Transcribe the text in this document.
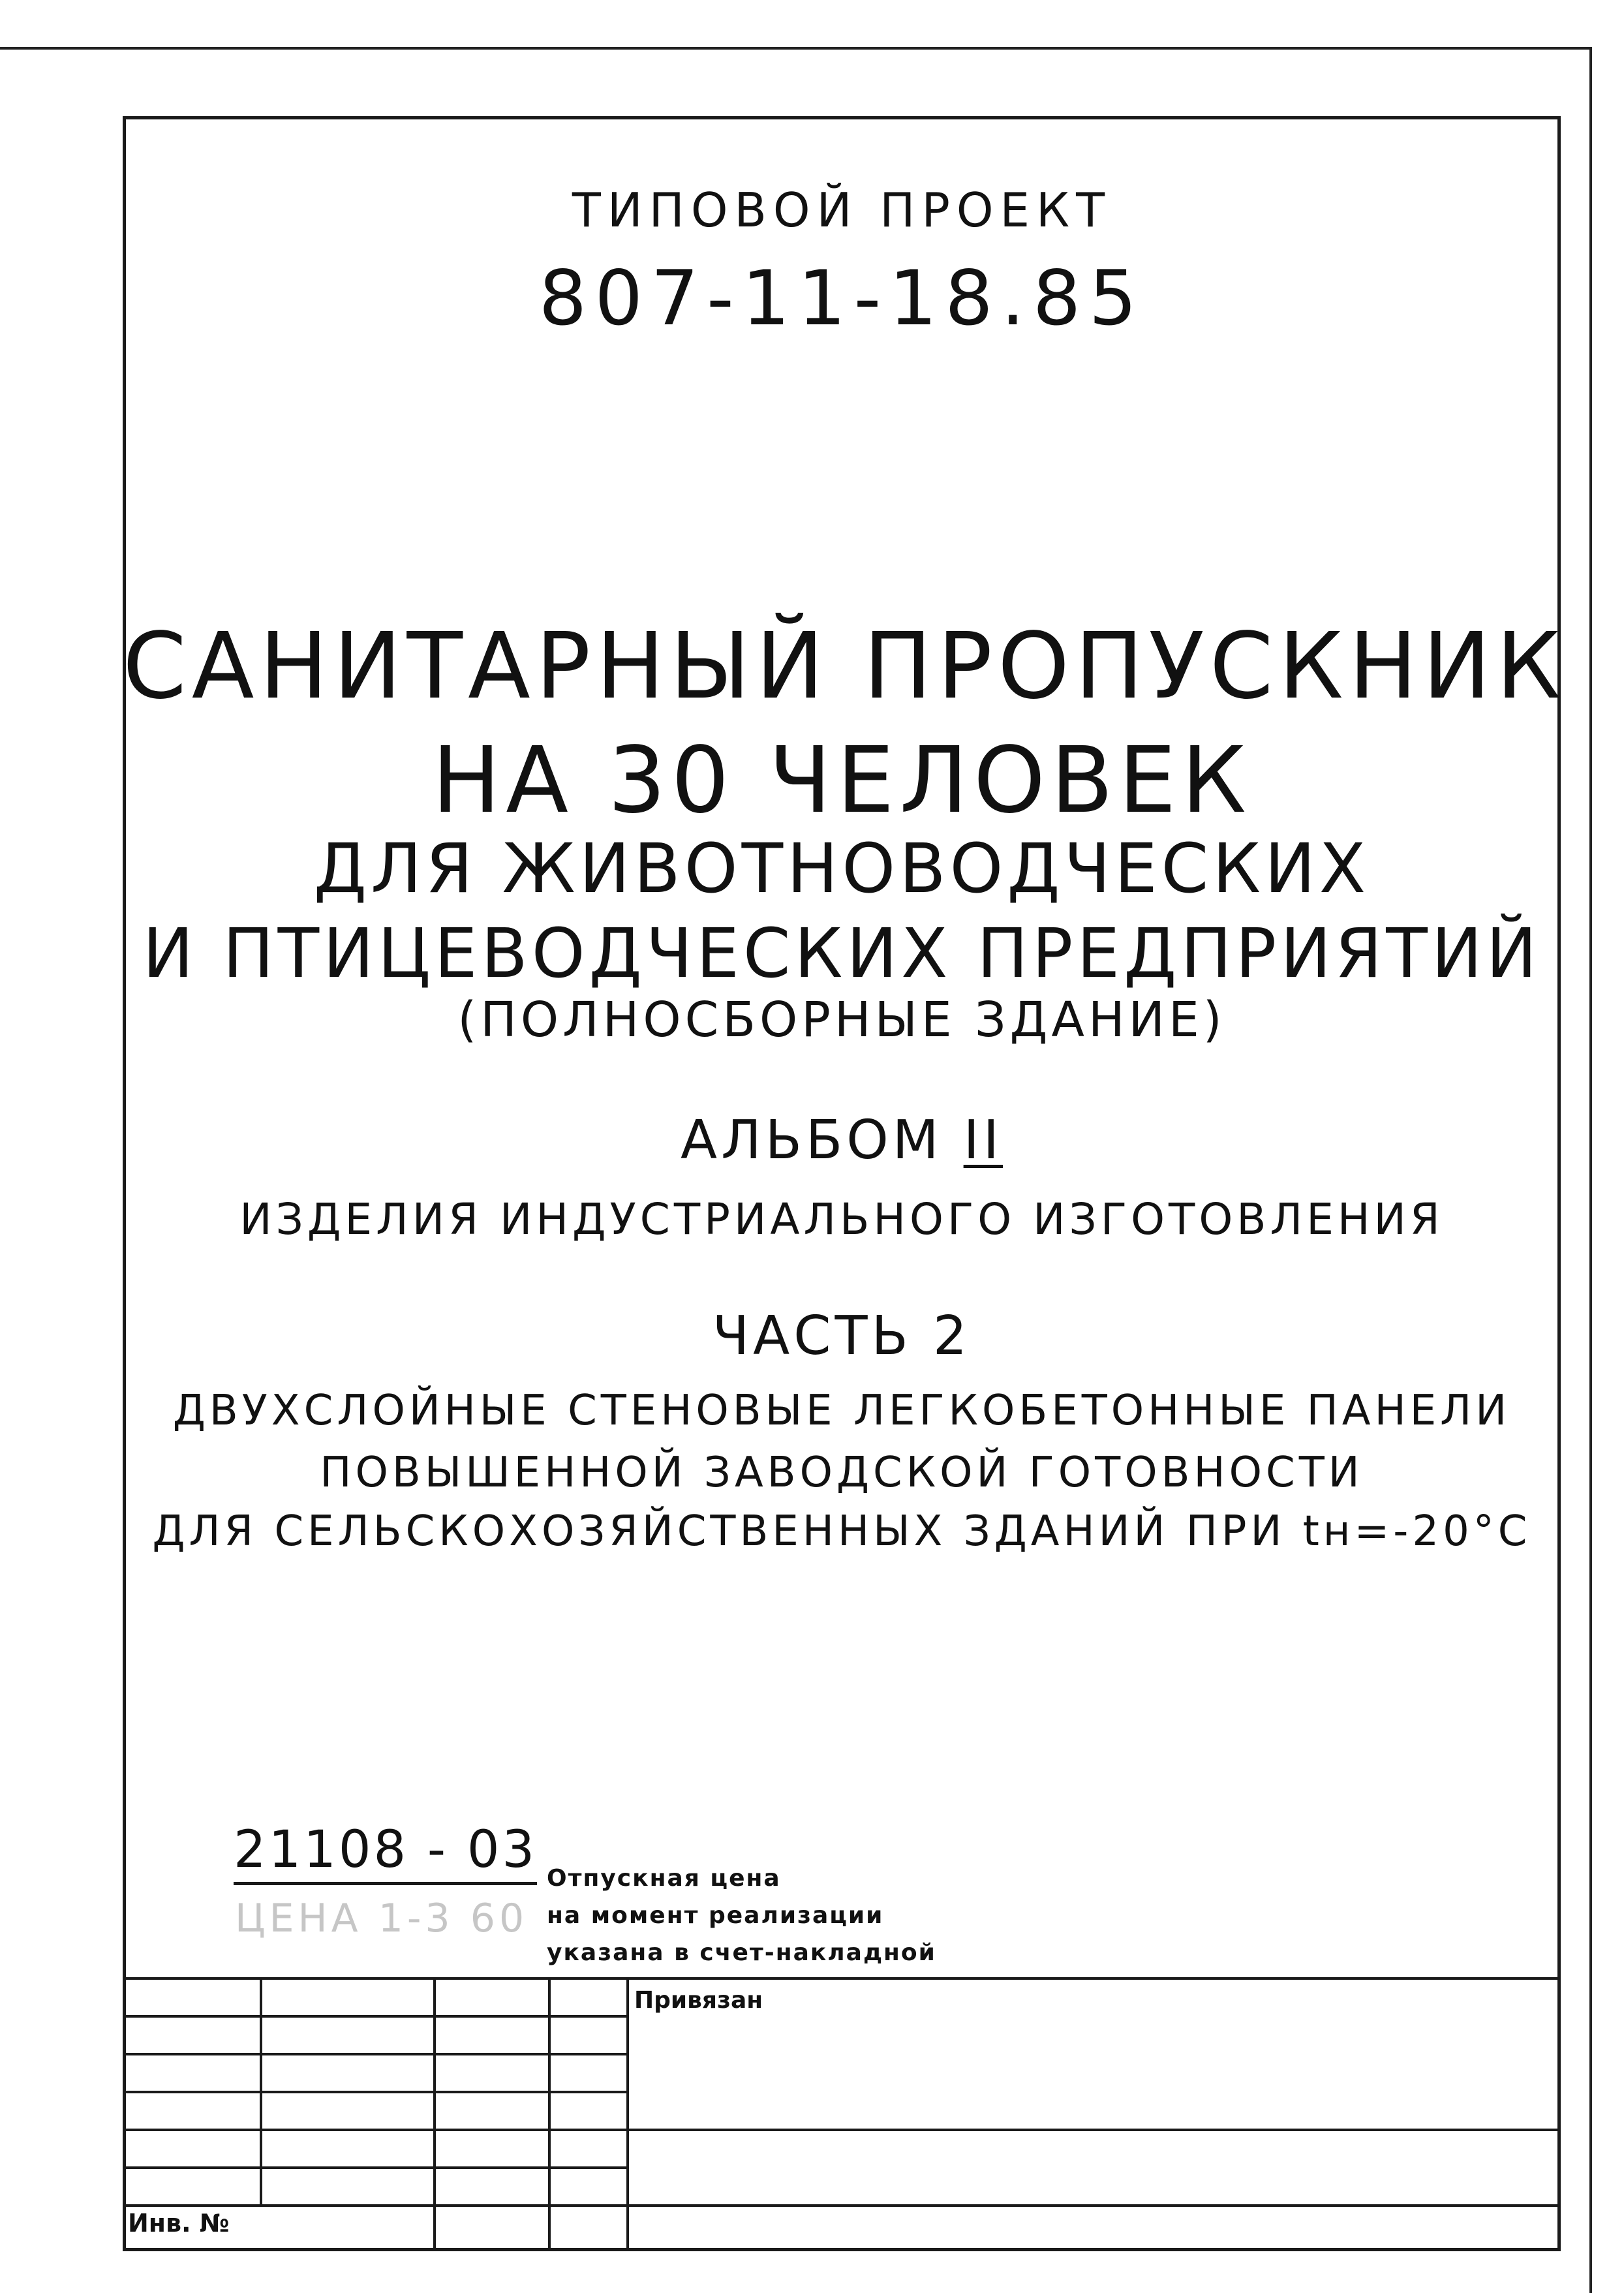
ТИПОВОЙ ПРОЕКТ
807-11-18.85
САНИТАРНЫЙ ПРОПУСКНИК
НА 30 ЧЕЛОВЕК
ДЛЯ ЖИВОТНОВОДЧЕСКИХ
И ПТИЦЕВОДЧЕСКИХ ПРЕДПРИЯТИЙ
(ПОЛНОСБОРНЫЕ ЗДАНИЕ)
АЛЬБОМ II
ИЗДЕЛИЯ ИНДУСТРИАЛЬНОГО ИЗГОТОВЛЕНИЯ
ЧАСТЬ 2
ДВУХСЛОЙНЫЕ СТЕНОВЫЕ ЛЕГКОБЕТОННЫЕ ПАНЕЛИ
ПОВЫШЕННОЙ ЗАВОДСКОЙ ГОТОВНОСТИ
ДЛЯ СЕЛЬСКОХОЗЯЙСТВЕННЫХ ЗДАНИЙ ПРИ tн=-20°С
21108 - 03
ЦЕНА 1-3 60
Отпускная цена
на момент реализации
указана в счет-накладной
Привязан
Инв. №
